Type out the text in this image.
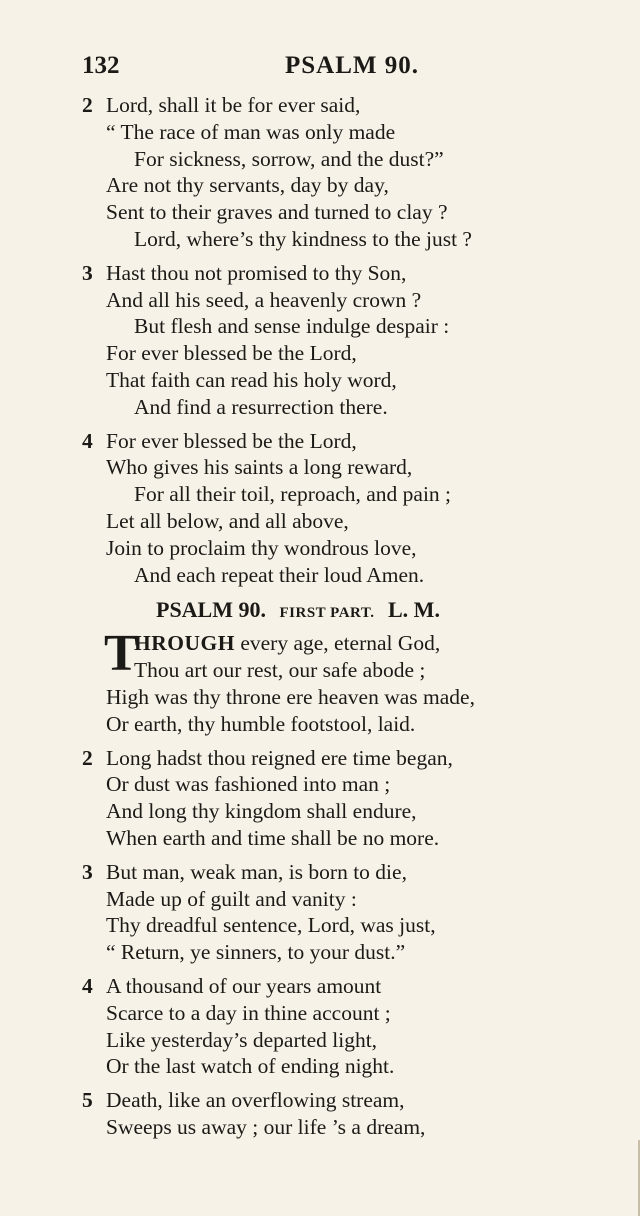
132	PSALM 90.
2 Lord, shall it be for ever said,
“ The race of man was only made
For sickness, sorrow, and the dust?”
Are not thy servants, day by day,
Sent to their graves and turned to clay ?
Lord, where’s thy kindness to the just ?
3 Hast thou not promised to thy Son,
And all his seed, a heavenly crown ?
But flesh and sense indulge despair :
For ever blessed be the Lord,
That faith can read his holy word,
And find a resurrection there.
4 For ever blessed be the Lord,
Who gives his saints a long reward,
For all their toil, reproach, and pain ;
Let all below, and all above,
Join to proclaim thy wondrous love,
And each repeat their loud Amen.
PSALM 90. FIRST PART. L. M.
T
HROUGH every age, eternal God,
Thou art our rest, our safe abode ;
High was thy throne ere heaven was made,
Or earth, thy humble footstool, laid.
2 Long hadst thou reigned ere time began,
Or dust was fashioned into man ;
And long thy kingdom shall endure,
When earth and time shall be no more.
3 But man, weak man, is born to die,
Made up of guilt and vanity :
Thy dreadful sentence, Lord, was just,
“ Return, ye sinners, to your dust.”
4 A thousand of our years amount
Scarce to a day in thine account ;
Like yesterday’s departed light,
Or the last watch of ending night.
5 Death, like an overflowing stream,
Sweeps us away ; our life ’s a dream,
